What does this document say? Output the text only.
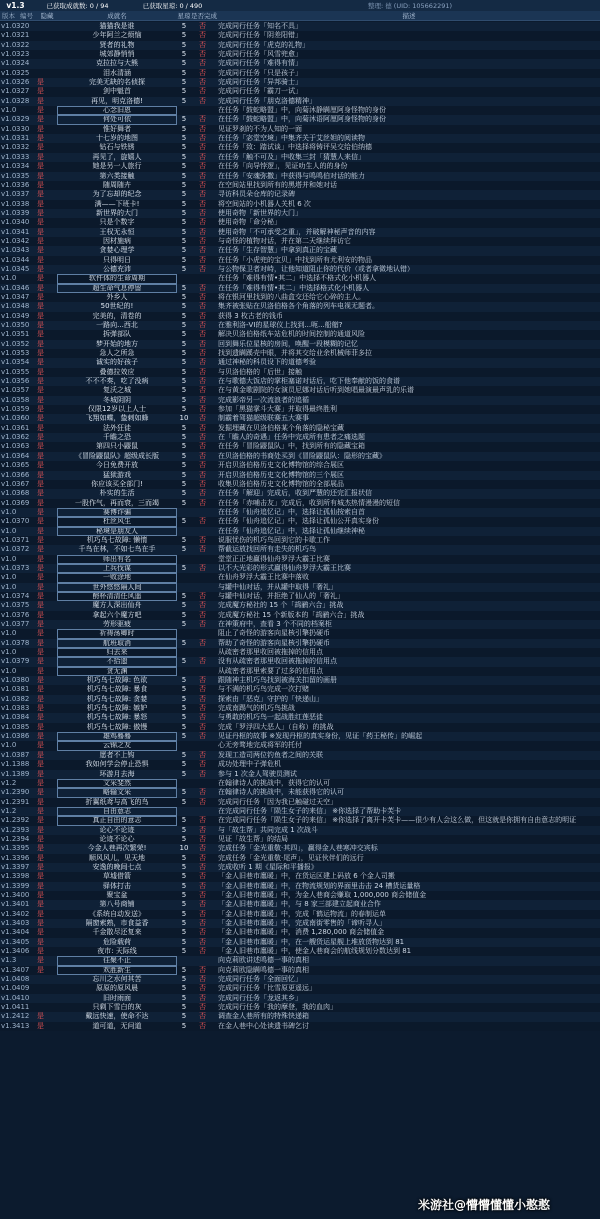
v1.3	已获取成就数: 0 / 94	已获取星琼: 0 / 490	整理: 德 (UID: 105662291)
版本 编号	隐藏	成就名	星琼 是否完成	描述
v1.0 320	猫猫我是谁	5	否	完成同行任务「知名不具」
v1.0 321	少年阿兰之烦恼	5	否	完成同行任务「阴差阳错」
v1.0 322	贤者的礼物	5	否	完成同行任务「虎克的礼物」
v1.0 323	城郊静悄悄	5	否	完成同行任务「风雪兜愈」
v1.0 324	克拉拉与大熊	5	否	完成同行任务「难得有情」
v1.0 325	泪水清涵	5	否	完成同行任务「只是孩子」
v1.0 326	是	完美无缺的名侦探	5	否	完成同行任务「异邦骑士」
v1.0 327	是	剑中魁首	5	否	完成同行任务「霸刀一试」
v1.0 328	是	再见，明克洛德!	5	否	完成同行任务「朋克洛德精神」
v1.0	是	心念旧恩	在任务「鼓蛇略盟」中，向菊沐静瞒厘阿身怪物的身份
v1.0 329	是	何处可依	5	否	在任务「鼓蛇略盟」中，向菊沐语阿厘阿身怪物的身份
v1.0 330	是	惟好舞者	5	否	见证罗刹的不为人知的一面
v1.0 331	是	十七岁的地图	5	否	在任务「宓堂空境」中集齐关于艾丝妲的阅读物
v1.0 332	是	钻石与铁锈	5	否	在任务「致：踏试谈」中选择将铸评吴交给伯纳德
v1.0 333	是	再见了，旋嬉人	5	否	在任务「触不可及」中收集三封「猜慧人来信」
v1.0 334	是	她是另一人旅行	5	否	在任务「向导悖逻」，见证叻生人的的身份
v1.0 335	是	第六类接触	5	否	在任务「安魂弥撒」中获得与鸣鸣伯对话的能力
v1.0 336	是	随周随卉	5	否	在空间站里找到所有的黑塔并和她对话
v1.0 337	是	为了忘却的纪念	5	否	寻访科员朵仓库的记录碑
v1.0 338	是	满——下班卡!	5	否	将空间站的小机器人关机 6 次
v1.0 339	是	新世界的大门	5	否	使用奇物「新世界的大门」
v1.0 340	是	只是个数字	5	否	使用奇物「命分秘」
v1.0 341	是	王权无永恒	5	否	使用奇物「不可承受之重」，并破解神秘声音的内容
v1.0 342	是	因材施病	5	否	与奇怪的植物对话，并在第二天继续拜访它
v1.0 343	是	贪婪心理学	5	否	在任务「生存智慧」中拿到真正的宝藏
v1.0 344	是	只得明日	5	否	在任务「小虎兜的宝贝」中找到所有尤利安的物品
v1.0 345	是	公德充沛	5	否	与公物保卫者对峙，让他知道阻止你的代价（或者拿微地认错）
v1.0	是	软件体的生命周期	在任务「难得有情•其二」中选择不格式化小机器人
v1.0 346	是	超生命气息停留	5	否	在任务「难得有情•其二」中选择格式化小机器人
v1.0 347	是	外乡人	5	否	将在银河里找到的八曲盒交还给它心碎的主人。
v1.0 348	是	50世纪的!	5	否	集齐被张贴在贝洛伯格各个角落的列车电视无题者。
v1.0 349	是	完美的，清卷的	5	否	获得 3 枚古老的钱币
v1.0 350	是	一路向...西北	5	否	在雅利洛-VI的星球仪上找到...呃...船艏?
v1.0 351	是	拆弹部队	5	否	解决贝洛伯格纸车站危机的时间控制的通道风险
v1.0 352	是	梦开始的地方	5	否	回到舞乐位星核的房间，唤醒一段模糊的记忆
v1.0 353	是	急人之所急	5	否	找到遗瞒蹊壳中眼，并将其交给业余机械师菲多拉
v1.0 354	是	诚实的好孩子	5	否	通过神秘的科员设下的道德考验
v1.0 355	是	叠德拉效应	5	否	与贝洛伯格的「后世」接触
v1.0 356	是	不不不奏，吃了没病	5	否	在与歌德大饭店的掌柜塞诺对话后，吃下他奉献的饭的食谱
v1.0 357	是	复沃之城	5	否	在与黄金歌剧院的女演员尼娜对话后听到她唱最演最声乳的乐谱
v1.0 358	是	冬城阴阴	5	否	完成影帝另一次流浪者的追循
v1.0 359	是	仅限12岁以上人士	5	否	参加「黑猫掌斗大赛」并取得最终胜利
v1.0 360	是	飞翔如蝶，蛰刺如蜂	10	否	制霸着驾猫超级联赛五大赛事
v1.0 361	是	法外狂徒	5	否	发掘埋藏在贝洛伯格某个角落的隐秘宝藏
v1.0 362	是	千瞻之恐	5	否	在「瞻人的奇遇」任务中完成所有患者之痛选题
v1.0 363	是	第四只小鼹鼠	5	否	在任务「冒险鼹鼠队」中，找到所有的隐藏宝箱
v1.0 364	是	《冒险鼹鼠队》超级成长版	5	否	在贝洛伯格的书商处买到《冒险鼹鼠队：隐形的宝藏》
v1.0 365	是	今日免费开放	5	否	开启贝洛伯格历史文化博物馆的综合展区
v1.0 366	是	猛狱游戏	5	否	开启贝洛伯格历史文化博物馆的三个展区
v1.0 367	是	你应该买全部门!	5	否	收集贝洛伯格历史文化博物馆的全部展品
v1.0 368	是	朴实的生活	5	否	在任务「解迎」完成后，收到严慧的还完汇报状信
v1.0 369	是	一股作气，再而衰，三而竭	5	否	在任务「赤哺击友」完成后，收到所有城杰热情漫漫的短信
v1.0	是	赛博诈骗	在任务「仙舟追忆记」中，选择让孤仙按索自首
v1.0 370	是	杜丝风生	5	否	在任务「仙舟追忆记」中，选择让孤仙公开真实身份
v1.0	是	秘境是朋友人	在任务「仙舟追忆记」中，选择让孤仙继续神秘
v1.0 371	是	机巧鸟七故障: 懒惰	5	否	说服忧伤的机巧鸟回到它的卡歇工作
v1.0 372	是	千鸟在林，不如七鸟在手	5	否	帮截运放找回所有走失的机巧鸟
v1.0	是	师出有名	堂堂正正地赢得仙舟罗浮大霸王比赛
v1.0 373	是	上兵伐谋	5	否	以不大光彩的形式赢得仙舟罗浮大霸王比赛
v1.0	是	一败涂地	在仙舟罗浮大霸王比赛中落败
v1.0	是	世外悠悠隔人间	与罐中仙对话，并从罐中取得「奢礼」
v1.0 374	是	酹杯清清任风遥	5	否	与罐中仙对话，并拒绝了仙人的「奢礼」
v1.0 375	是	魔方人深出仙舟	5	否	完成魔方秘社的 15 个「鸪鹂六合」挑战
v1.0 376	是	拿起六个魔方吧	5	否	完成魔方秘社 15 个新版本的「鸪鹂六合」挑战
v1.0 377	是	劳形驱疲	5	否	在神策府中，查看 3 个不同的档案柜
v1.0	是	祈祷荡卿时	阻止了奇怪的游客向星核引擎扔硬币
v1.0 378	是	航班取消	5	否	帮助了奇怪的游客向星核引擎扔硬币
v1.0	是	归去来	从疏密者那里收回被拖掉的信用点
v1.0 379	是	不拾遗	5	否	没有从疏密者那里收回被拖掉的信用点
v1.0	是	贪无渊	从疏密者那里索要了过多的信用点
v1.0 380	是	机巧鸟七故障: 色欲	5	否	跟随神主机巧鸟找到被海关扣留的画册
v1.0 381	是	机巧鸟七故障: 暴食	5	否	与不满的机巧鸟完成一次打赌
v1.0 382	是	机巧鸟七故障: 贪婪	5	否	探索由「恶克」守护的「快递山」
v1.0 383	是	机巧鸟七故障: 嫉妒	5	否	完成南踢气的机巧鸟挑战
v1.0 384	是	机巧鸟七故障: 暴怒	5	否	与勇敢的机巧鸟一起战胜红莲恶徒
v1.0 385	是	机巧鸟七故障: 傲慢	5	否	完成「罗浮四大恶人」（自称）的挑战
v1.0 386	是	雄鸡蓦蓦	5	否	见证丹枢的故事 ※发现丹枢的真实身份，见证「药王秘传」的崛起
v1.0	是	云锦之友	心无旁骛地完成将军的托付
v1.0 387	是	愿者不上钩	5	否	发现工造司两位钓鱼者之间的关联
v1.1 388	是	我如何学会停止恐惧	5	否	成功处理中子弹危机
v1.1 389	是	环游月去海	5	否	参与 1 次金人驾驶员测试
v1.2	是	文采斐然	在翰律诗人的挑战中，获得它的认可
v1.2 390	是	略输文采	5	否	在翰律诗人的挑战中，未能获得它的认可
v1.2 391	是	折翼纸鸢与高飞的鸟	5	否	完成同行任务「因为我已触碰过天空」
v1.2	是	自由意志	在完成同行任务「陨生女子的来信」 ※你选择了帮助卡芙卡
v1.2 392	是	真正自由的意志	5	否	在完成同行任务「陨生女子的来信」 ※你选择了离开卡芙卡——很少有人会这么做，但这就是你拥有自由意志的明证
v1.2 393	是	论心不论迹	5	否	与「故生帮」共同完成 1 次战斗
v1.2 394	是	论迹不论心	5	否	见证「故生帮」的结局
v1.3 395	是	今金人巷再次繁荣!	10	否	完成任务「金光重敬·其四」，赢得金人巷寒冲交宾标
v1.3 396	是	顺风风儿，见天地	5	否	完成任务「金光重敬·尾声」，见证伙伴们的远行
v1.3 397	是	安逸的晚间七点	5	否	完成收听 1 期《星际和平播报》
v1.3 398	是	草墟借箭	5	否	「金人旧巷市廛暖」中，在货运区建上码放 6 个金人司搬
v1.3 399	是	驿体打击	5	否	「金人旧巷市廛暖」中，在物流规划的界面里击击 24 槽货运量格
v1.3 400	是	聚宝盆	5	否	「金人旧巷市廛暖」中，为金人巷商会赚取 1,000,000 商会储值金
v1.3 401	是	第八号商铺	5	否	「金人旧巷市廛暖」中，与 8 家三部建立起商业合作
v1.3 402	是	《系统自动发送》	5	否	「金人旧巷市廛暖」中，完成「鹤运物流」的春制运单
v1.3 403	是	隔窗索熟，市食益香	5	否	「金人旧巷市廛暖」中，完成南街零售的「谛听寻人」
v1.3 404	是	千金散尽还复来	5	否	「金人旧巷市廛暖」中，消费 1,280,000 商会储值金
v1.3 405	是	危险载荷	5	否	「金人旧巷市廛暖」中，在一艘货运星舰上堆放货物达到 81
v1.3 406	是	夜市: 天际线	5	否	「金人旧巷市廛暖」中，使金人巷商会的航线规划分数达到 81
v1.3	是	往聚不止	向克莉欧讲述鸣德一事的真相
v1.3 407	是	欢胜新生	5	否	向克莉欧隐瞒鸣德一事的真相
v1.0 408	忘川之水何其苦	5	否	完成同行任务「全面回忆」
v1.0 409	原原的原风晨	5	否	完成同行任务「比雪原更遥远」
v1.0 410	旧时雨面	5	否	完成同行任务「龙返其乡」
v1.0 411	只剩下雪白的灰	5	否	完成同行任务「我的摩登，我的血肉」
v1.2 412	是	戴远快速，使命不达	5	否	调查金人巷所有的特殊快递箱
v1.3 413	是	道可道，无问道	5	否	在金人巷中心处读遗书碑乞讨
米游社@懵懵懂懂小憨憨
